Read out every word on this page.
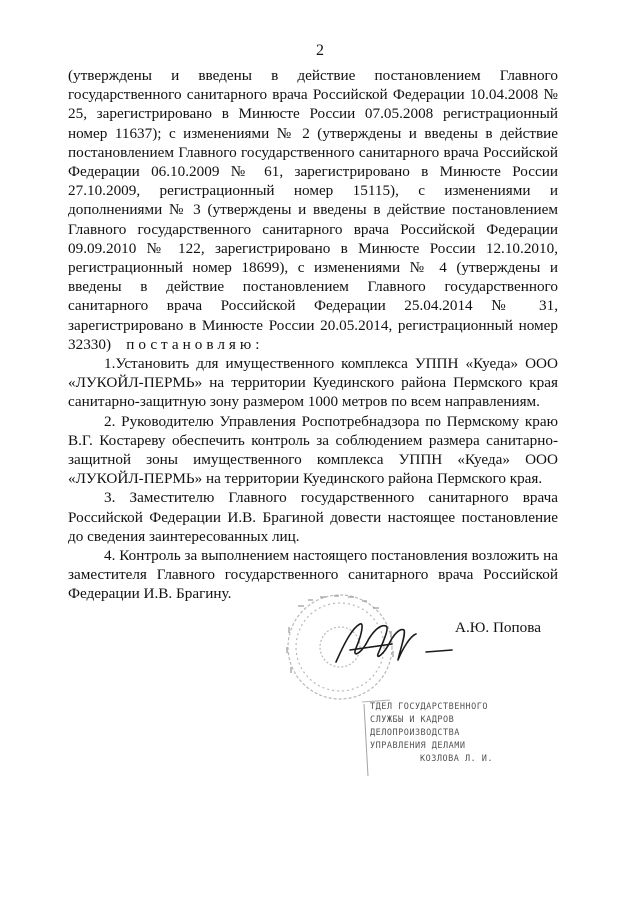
2

(утверждены и введены в действие постановлением Главного государственного санитарного врача Российской Федерации 10.04.2008 № 25, зарегистрировано в Минюсте России 07.05.2008 регистрационный номер 11637); с изменениями № 2 (утверждены и введены в действие постановлением Главного государственного санитарного врача Российской Федерации 06.10.2009 № 61, зарегистрировано в Минюсте России 27.10.2009, регистрационный номер 15115), с изменениями и дополнениями № 3 (утверждены и введены в действие постановлением Главного государственного санитарного врача Российской Федерации 09.09.2010 № 122, зарегистрировано в Минюсте России 12.10.2010, регистрационный номер 18699), с изменениями № 4 (утверждены и введены в действие постановлением Главного государственного санитарного врача Российской Федерации 25.04.2014 № 31, зарегистрировано в Минюсте России 20.05.2014, регистрационный номер 32330) постановляю:

1.Установить для имущественного комплекса УППН «Куеда» ООО «ЛУКОЙЛ-ПЕРМЬ» на территории Куединского района Пермского края санитарно-защитную зону размером 1000 метров по всем направлениям.

2. Руководителю Управления Роспотребнадзора по Пермскому краю В.Г. Костареву обеспечить контроль за соблюдением размера санитарно-защитной зоны имущественного комплекса УППН «Куеда» ООО «ЛУКОЙЛ-ПЕРМЬ» на территории Куединского района Пермского края.

3. Заместителю Главного государственного санитарного врача Российской Федерации И.В. Брагиной довести настоящее постановление до сведения заинтересованных лиц.

4. Контроль за выполнением настоящего постановления возложить на заместителя Главного государственного санитарного врача Российской Федерации И.В. Брагину.

А.Ю. Попова
ТДЕЛ ГОСУДАРСТВЕННОГО
СЛУЖБЫ И КАДРОВ
ДЕЛОПРОИЗВОДСТВА
УПРАВЛЕНИЯ ДЕЛАМИ
КОЗЛОВА Л. И.
